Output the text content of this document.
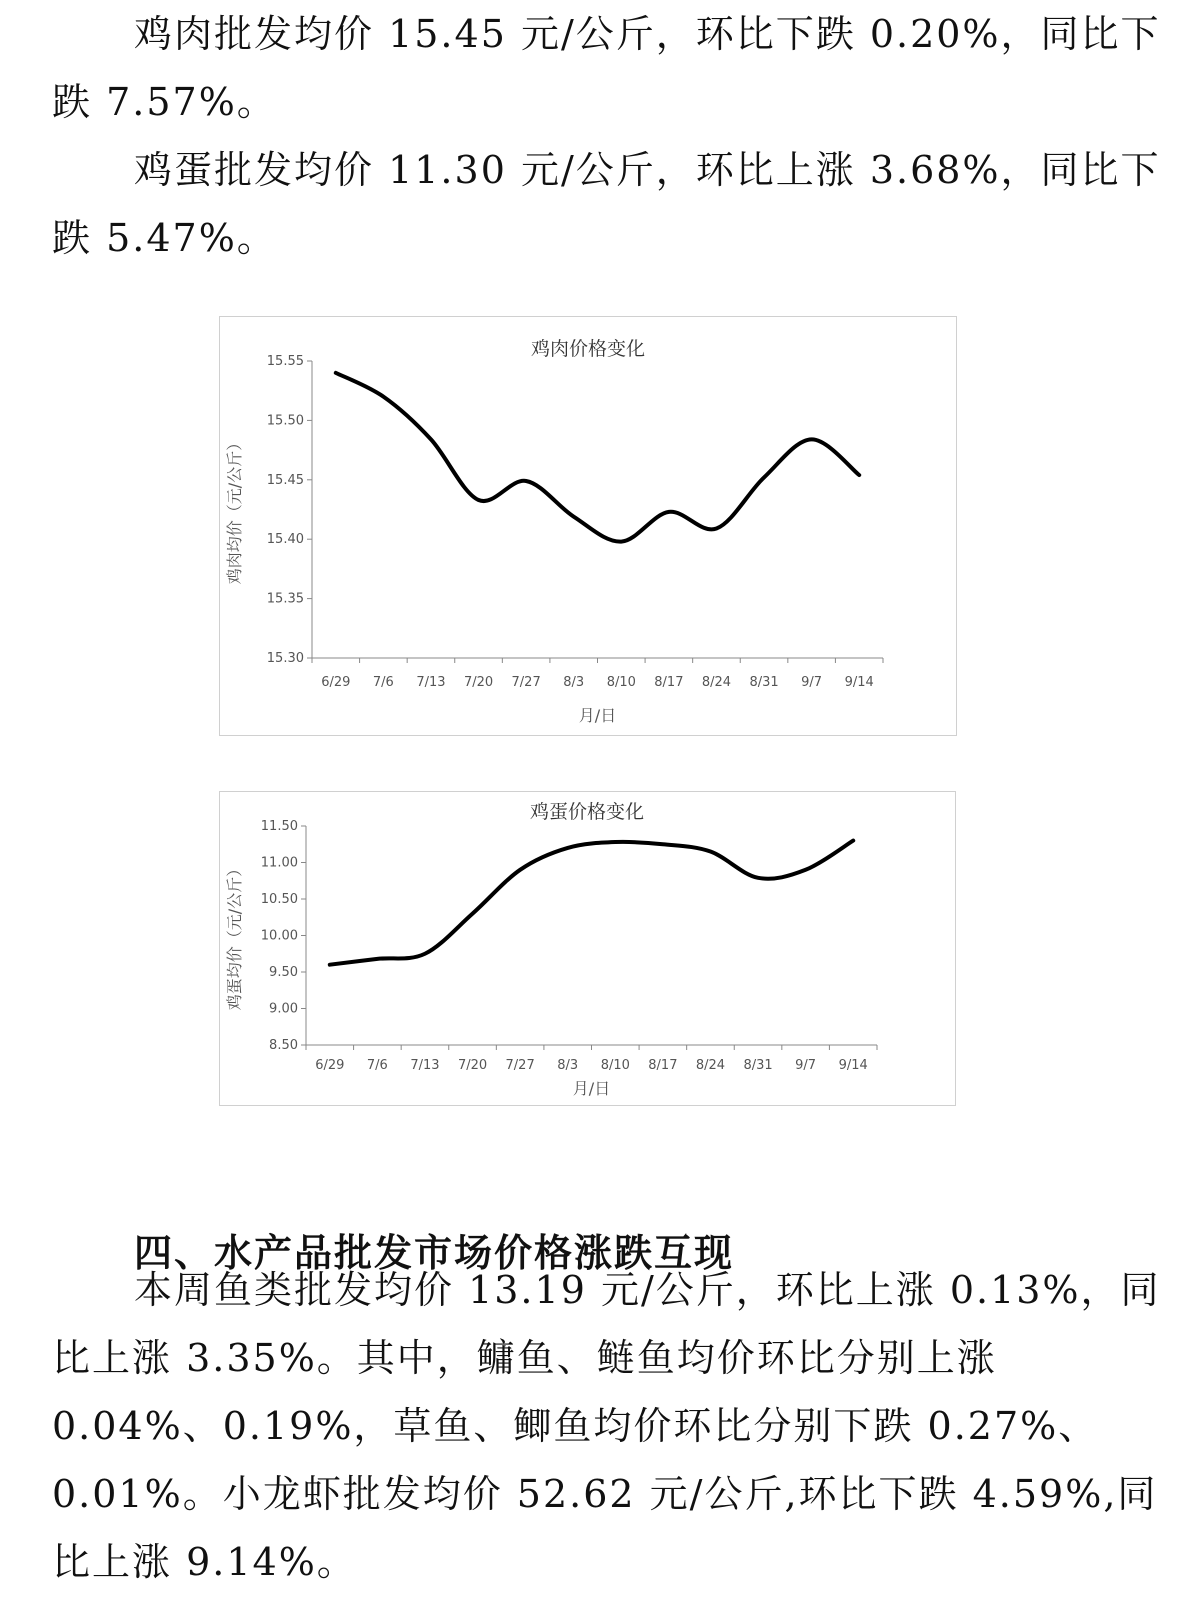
鸡肉批发均价 15.45 元/公斤，环比下跌 0.20%，同比下跌 7.57%。

鸡蛋批发均价 11.30 元/公斤，环比上涨 3.68%，同比下跌 5.47%。

鸡肉价格变化
15.30
15.35
15.40
15.45
15.50
15.55
6/29 7/6 7/13 7/20 7/27 8/3 8/10 8/17 8/24 8/31 9/7 9/14
月/日
鸡肉均价（元/公斤）
鸡蛋价格变化
8.50
9.00
9.50
10.00
10.50
11.00
11.50
6/29 7/6 7/13 7/20 7/27 8/3 8/10 8/17 8/24 8/31 9/7 9/14
月/日
鸡蛋均价（元/公斤）
四、水产品批发市场价格涨跌互现

本周鱼类批发均价 13.19 元/公斤，环比上涨 0.13%，同比上涨 3.35%。其中，鳙鱼、鲢鱼均价环比分别上涨 0.04%、0.19%，草鱼、鲫鱼均价环比分别下跌 0.27%、0.01%。小龙虾批发均价 52.62 元/公斤,环比下跌 4.59%,同比上涨 9.14%。
